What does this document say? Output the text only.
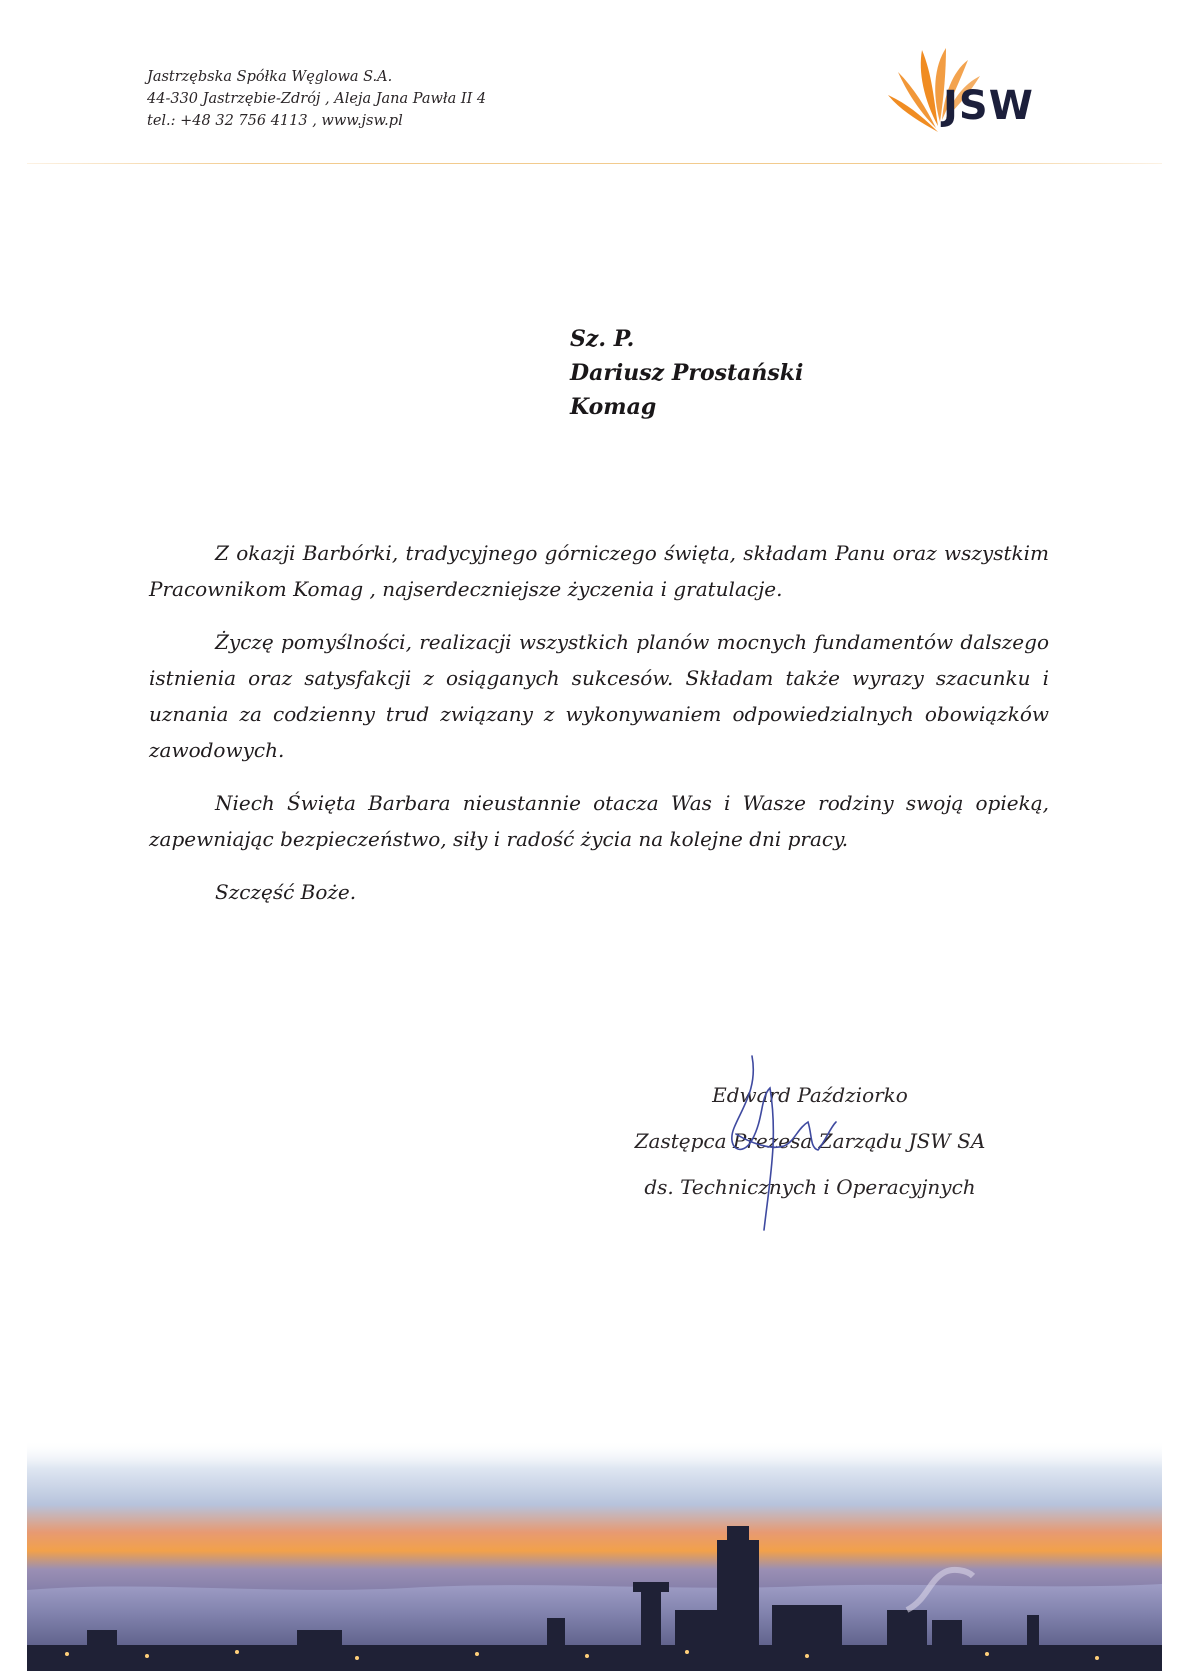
Jastrzębska Spółka Węglowa S.A.
44-330 Jastrzębie-Zdrój , Aleja Jana Pawła II 4
tel.: +48 32 756 4113 , www.jsw.pl	JSW
Sz. P.
Dariusz Prostański
Komag

Z okazji Barbórki, tradycyjnego górniczego święta, składam Panu oraz wszystkim Pracownikom Komag , najserdeczniejsze życzenia i gratulacje.

Życzę pomyślności, realizacji wszystkich planów mocnych fundamentów dalszego istnienia oraz satysfakcji z osiąganych sukcesów. Składam także wyrazy szacunku i uznania za codzienny trud związany z wykonywaniem odpowiedzialnych obowiązków zawodowych.

Niech Święta Barbara nieustannie otacza Was i Wasze rodziny swoją opieką, zapewniając bezpieczeństwo, siły i radość życia na kolejne dni pracy.

Szczęść Boże.

Edward Paździorko
Zastępca Prezesa Zarządu JSW SA
ds. Technicznych i Operacyjnych
